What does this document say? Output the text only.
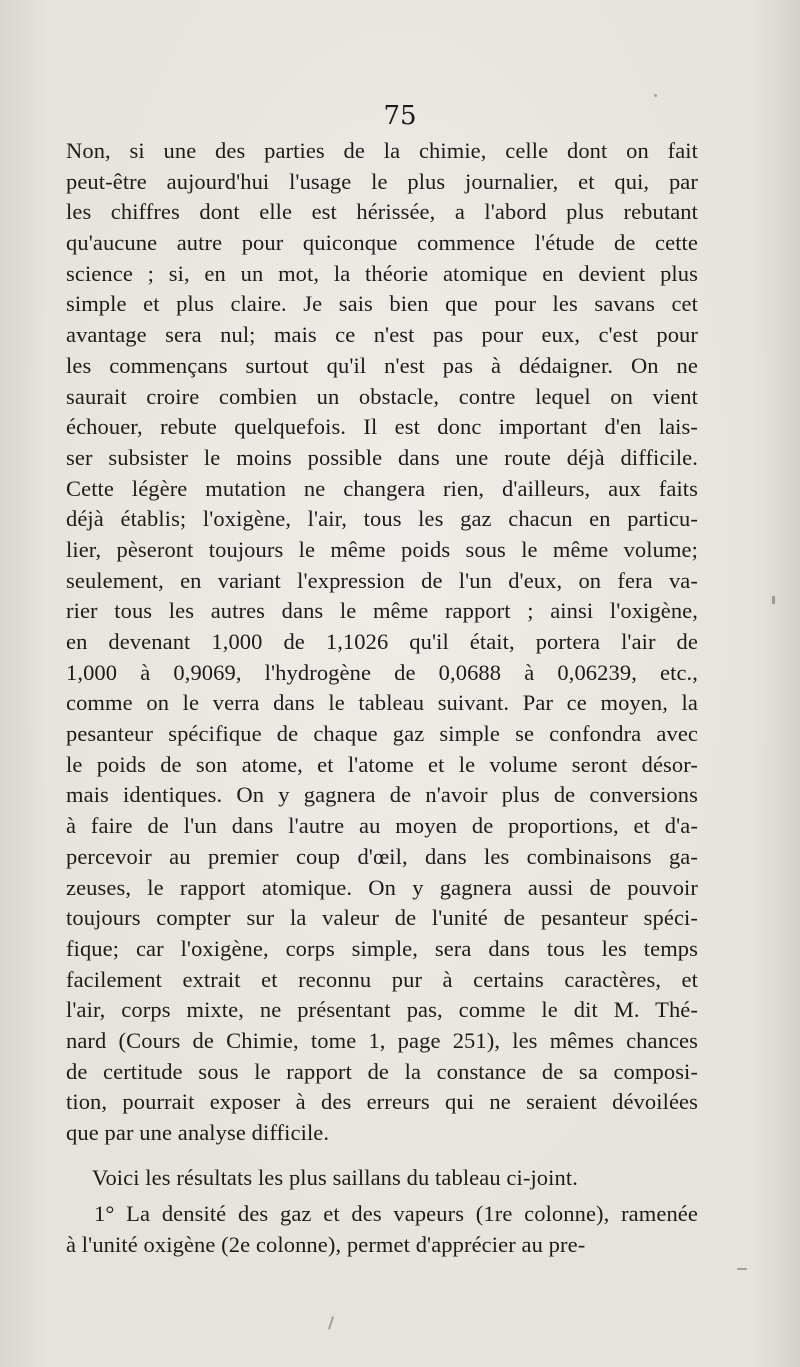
75
Non, si une des parties de la chimie, celle dont on fait
peut-être aujourd'hui l'usage le plus journalier, et qui, par
les chiffres dont elle est hérissée, a l'abord plus rebutant
qu'aucune autre pour quiconque commence l'étude de cette
science ; si, en un mot, la théorie atomique en devient plus
simple et plus claire. Je sais bien que pour les savans cet
avantage sera nul; mais ce n'est pas pour eux, c'est pour
les commençans surtout qu'il n'est pas à dédaigner. On ne
saurait croire combien un obstacle, contre lequel on vient
échouer, rebute quelquefois. Il est donc important d'en lais-
ser subsister le moins possible dans une route déjà difficile.
Cette légère mutation ne changera rien, d'ailleurs, aux faits
déjà établis; l'oxigène, l'air, tous les gaz chacun en particu-
lier, pèseront toujours le même poids sous le même volume;
seulement, en variant l'expression de l'un d'eux, on fera va-
rier tous les autres dans le même rapport ; ainsi l'oxigène,
en devenant 1,000 de 1,1026 qu'il était, portera l'air de
1,000 à 0,9069, l'hydrogène de 0,0688 à 0,06239, etc.,
comme on le verra dans le tableau suivant. Par ce moyen, la
pesanteur spécifique de chaque gaz simple se confondra avec
le poids de son atome, et l'atome et le volume seront désor-
mais identiques. On y gagnera de n'avoir plus de conversions
à faire de l'un dans l'autre au moyen de proportions, et d'a-
percevoir au premier coup d'œil, dans les combinaisons ga-
zeuses, le rapport atomique. On y gagnera aussi de pouvoir
toujours compter sur la valeur de l'unité de pesanteur spéci-
fique; car l'oxigène, corps simple, sera dans tous les temps
facilement extrait et reconnu pur à certains caractères, et
l'air, corps mixte, ne présentant pas, comme le dit M. Thé-
nard (Cours de Chimie, tome 1, page 251), les mêmes chances
de certitude sous le rapport de la constance de sa composi-
tion, pourrait exposer à des erreurs qui ne seraient dévoilées
que par une analyse difficile.
Voici les résultats les plus saillans du tableau ci-joint.
1° La densité des gaz et des vapeurs (1re colonne), ramenée
à l'unité oxigène (2e colonne), permet d'apprécier au pre-
